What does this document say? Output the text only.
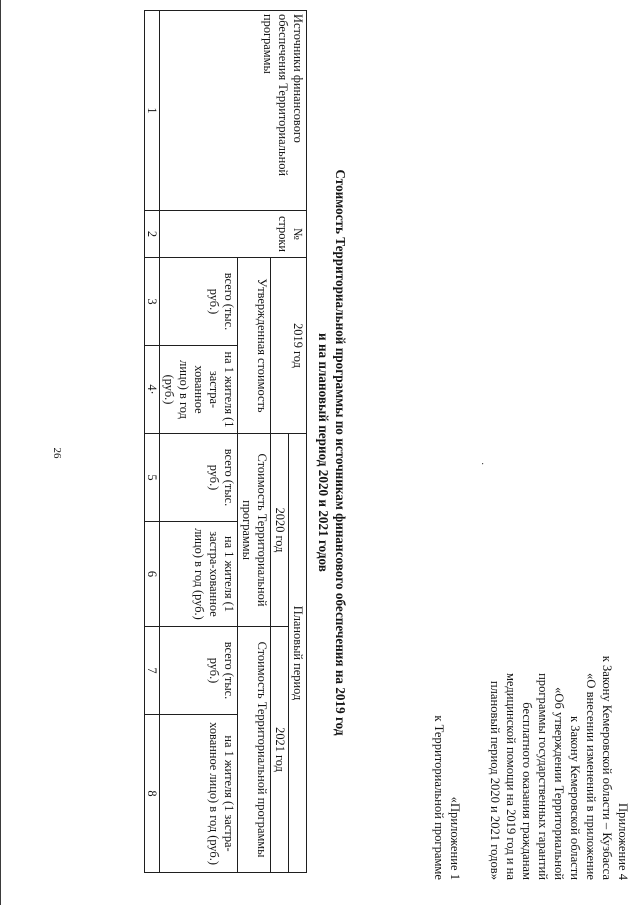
26
Приложение 4
к Закону Кемеровской области – Кузбасса
«О внесении изменений в приложение
к Закону Кемеровской области
«Об утверждении Территориальной
программы государственных гарантий
бесплатного оказания гражданам
медицинской помощи на 2019 год и на
плановый период 2020 и 2021 годов»
·
«Приложение 1
к Территориальной программе
Стоимость Территориальной программы по источникам финансового обеспечения на 2019 год
и на плановый период 2020 и 2021 годов
Источники финансового обеспечения Территориальной программы	№ строки	2019 год		Плановый период			
				2020 год		2021 год	
		Утвержденная стоимость		Стоимость Территориальной программы		Стоимость Территориальной программы	
		всего (тыс. руб.)	на 1 жителя (1 застра-хованное лицо) в год (руб.)	всего (тыс. руб.)	на 1 жителя (1 застра-хованное лицо) в год (руб.)	всего (тыс. руб.)	на 1 жителя (1 застра-хованное лицо) в год (руб.)
1	2	3	4·	5	6	7	8
